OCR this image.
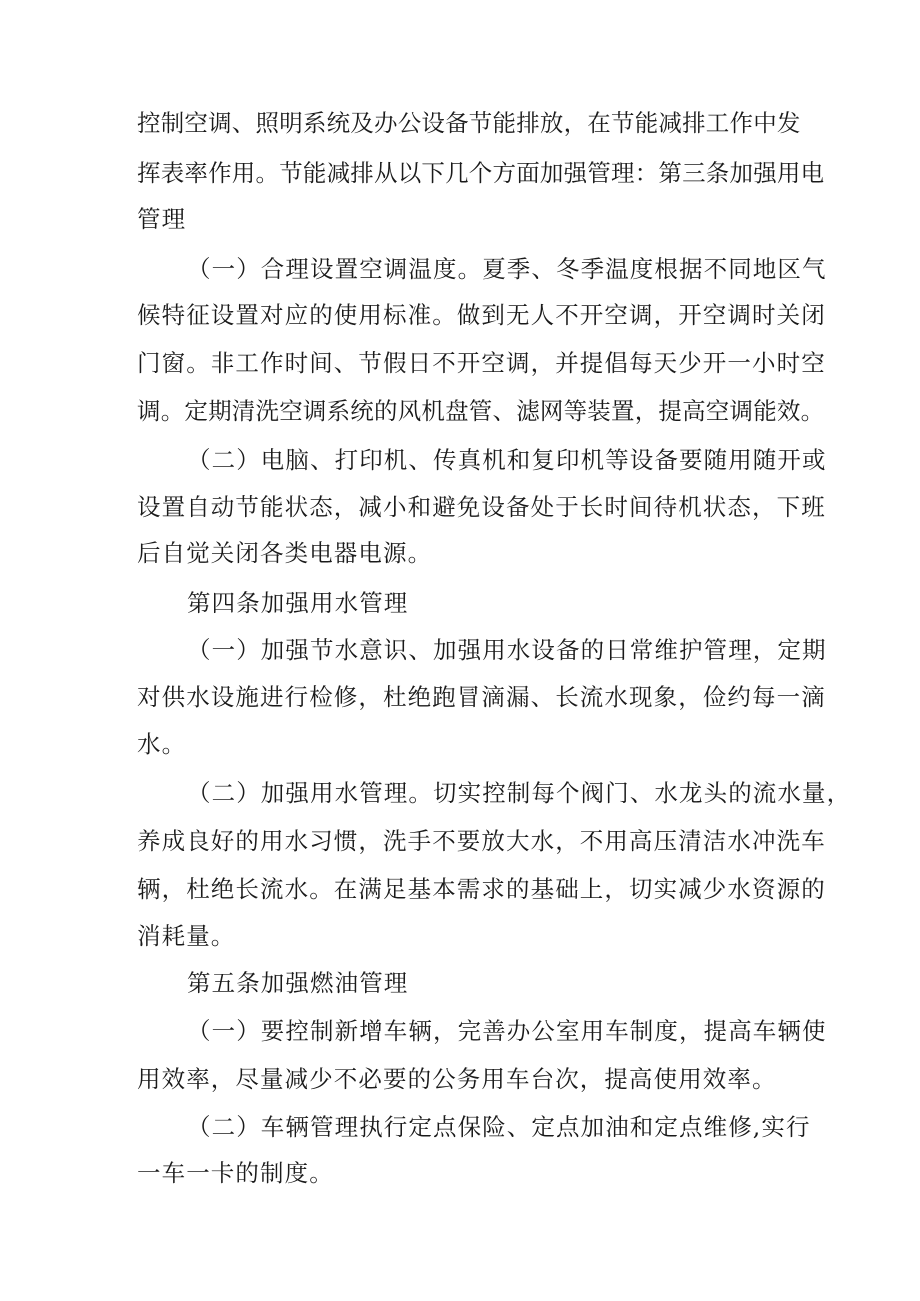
控制空调、照明系统及办公设备节能排放，在节能减排工作中发
挥表率作用。节能减排从以下几个方面加强管理：第三条加强用电
管理
（一）合理设置空调温度。夏季、冬季温度根据不同地区气
候特征设置对应的使用标准。做到无人不开空调，开空调时关闭
门窗。非工作时间、节假日不开空调，并提倡每天少开一小时空
调。定期清洗空调系统的风机盘管、滤网等装置，提高空调能效。
（二）电脑、打印机、传真机和复印机等设备要随用随开或
设置自动节能状态，减小和避免设备处于长时间待机状态，下班
后自觉关闭各类电器电源。
第四条加强用水管理
（一）加强节水意识、加强用水设备的日常维护管理，定期
对供水设施进行检修，杜绝跑冒滴漏、长流水现象，俭约每一滴
水。
（二）加强用水管理。切实控制每个阀门、水龙头的流水量，
养成良好的用水习惯，洗手不要放大水，不用高压清洁水冲洗车
辆，杜绝长流水。在满足基本需求的基础上，切实减少水资源的
消耗量。
第五条加强燃油管理
（一）要控制新增车辆，完善办公室用车制度，提高车辆使
用效率，尽量减少不必要的公务用车台次，提高使用效率。
（二）车辆管理执行定点保险、定点加油和定点维修,实行
一车一卡的制度。
